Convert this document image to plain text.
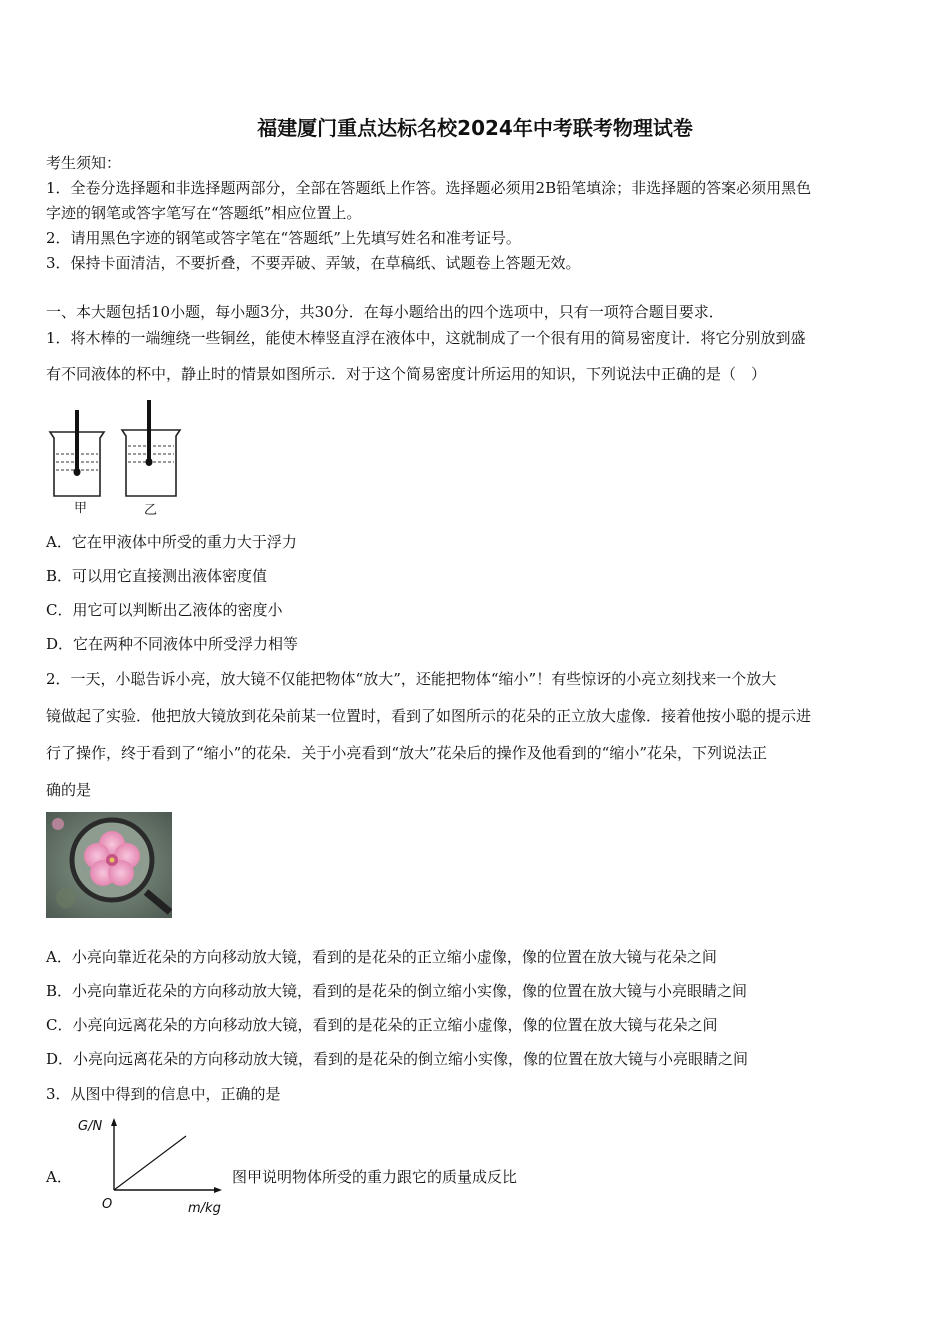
福建厦门重点达标名校2024年中考联考物理试卷
考生须知：
1．全卷分选择题和非选择题两部分，全部在答题纸上作答。选择题必须用2B铅笔填涂；非选择题的答案必须用黑色
字迹的钢笔或答字笔写在“答题纸”相应位置上。
2．请用黑色字迹的钢笔或答字笔在“答题纸”上先填写姓名和准考证号。
3．保持卡面清洁，不要折叠，不要弄破、弄皱，在草稿纸、试题卷上答题无效。
一、本大题包括10小题，每小题3分，共30分．在每小题给出的四个选项中，只有一项符合题目要求．
1．将木棒的一端缠绕一些铜丝，能使木棒竖直浮在液体中，这就制成了一个很有用的简易密度计．将它分别放到盛
有不同液体的杯中，静止时的情景如图所示．对于这个简易密度计所运用的知识，下列说法中正确的是（　）
甲	乙
A．它在甲液体中所受的重力大于浮力
B．可以用它直接测出液体密度值
C．用它可以判断出乙液体的密度小
D．它在两种不同液体中所受浮力相等
2．一天，小聪告诉小亮，放大镜不仅能把物体“放大”，还能把物体“缩小”！有些惊讶的小亮立刻找来一个放大
镜做起了实验．他把放大镜放到花朵前某一位置时，看到了如图所示的花朵的正立放大虚像．接着他按小聪的提示进
行了操作，终于看到了“缩小”的花朵．关于小亮看到“放大”花朵后的操作及他看到的“缩小”花朵，下列说法正
确的是
A．小亮向靠近花朵的方向移动放大镜，看到的是花朵的正立缩小虚像，像的位置在放大镜与花朵之间
B．小亮向靠近花朵的方向移动放大镜，看到的是花朵的倒立缩小实像，像的位置在放大镜与小亮眼睛之间
C．小亮向远离花朵的方向移动放大镜，看到的是花朵的正立缩小虚像，像的位置在放大镜与花朵之间
D．小亮向远离花朵的方向移动放大镜，看到的是花朵的倒立缩小实像，像的位置在放大镜与小亮眼睛之间
3．从图中得到的信息中，正确的是
A．
G/N
m/kg
O
图甲说明物体所受的重力跟它的质量成反比
